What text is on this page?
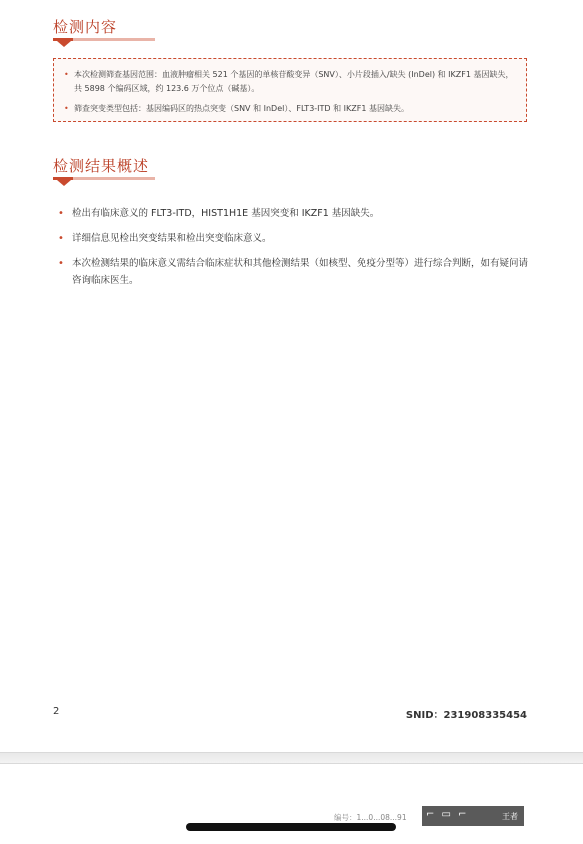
检测内容
• 本次检测筛查基因范围：血液肿瘤相关 521 个基因的单核苷酸变异（SNV）、小片段插入/缺失 (InDel) 和 IKZF1 基因缺失，共 5898 个编码区域，约 123.6 万个位点（碱基）。
• 筛查突变类型包括：基因编码区的热点突变（SNV 和 InDel）、FLT3-ITD 和 IKZF1 基因缺失。
检测结果概述
• 检出有临床意义的 FLT3-ITD，HIST1H1E 基因突变和 IKZF1 基因缺失。
• 详细信息见检出突变结果和检出突变临床意义。
• 本次检测结果的临床意义需结合临床症状和其他检测结果（如核型、免疫分型等）进行综合判断，如有疑问请咨询临床医生。
2	SNID：231908335454
编号：1...0...08...91 ⌐ ▭ ⌐	王者
